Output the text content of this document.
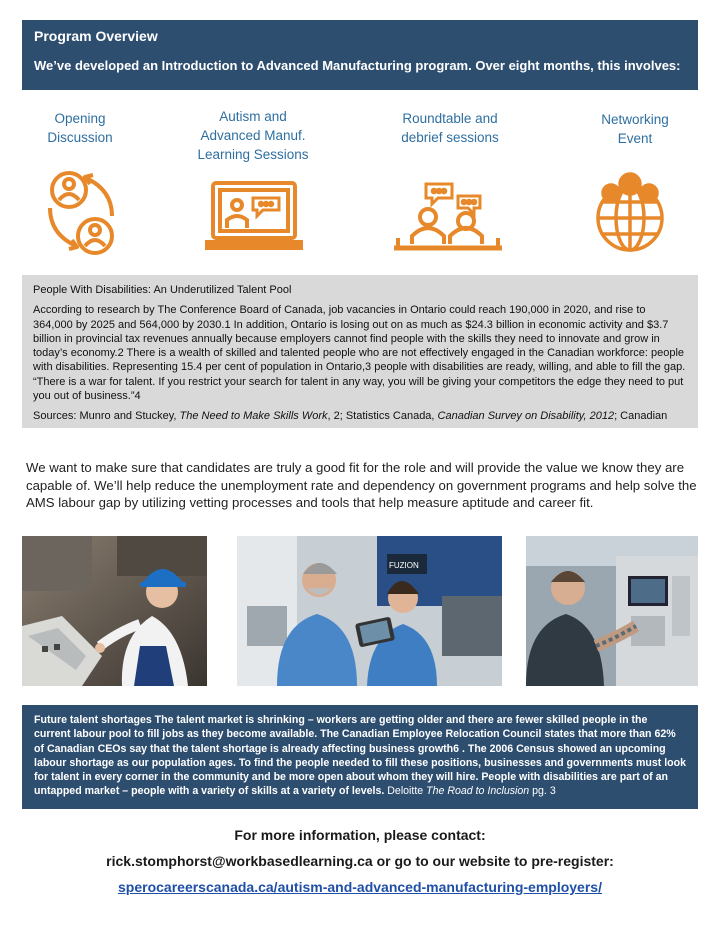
Program Overview
We’ve developed an Introduction to Advanced Manufacturing program. Over eight months, this involves:
Opening
Discussion
Autism and
Advanced Manuf.
Learning Sessions
Roundtable and
debrief sessions
Networking
Event
People With Disabilities: An Underutilized Talent Pool
According to research by The Conference Board of Canada, job vacancies in Ontario could reach 190,000 in 2020, and rise to 364,000 by 2025 and 564,000 by 2030.1 In addition, Ontario is losing out on as much as $24.3 billion in economic activity and $3.7 billion in provincial tax revenues annually because employers cannot find people with the skills they need to innovate and grow in today’s economy.2 There is a wealth of skilled and talented people who are not effectively engaged in the Canadian workforce: people with disabilities. Representing 15.4 per cent of population in Ontario,3 people with disabilities are ready, willing, and able to fill the gap. “There is a war for talent. If you restrict your search for talent in any way, you will be giving your competitors the edge they need to put you out of business.”4
Sources: Munro and Stuckey, The Need to Make Skills Work, 2; Statistics Canada, Canadian Survey on Disability, 2012; Canadian
We want to make sure that candidates are truly a good fit for the role and will provide the value we know they are capable of. We’ll help reduce the unemployment rate and dependency on government programs and help solve the AMS labour gap by utilizing vetting processes and tools that help measure aptitude and career fit.
FUZION
Future talent shortages The talent market is shrinking – workers are getting older and there are fewer skilled people in the current labour pool to fill jobs as they become available. The Canadian Employee Relocation Council states that more than 62% of Canadian CEOs say that the talent shortage is already affecting business growth6 . The 2006 Census showed an upcoming labour shortage as our population ages. To find the people needed to fill these positions, businesses and governments must look for talent in every corner in the community and be more open about whom they will hire. People with disabilities are part of an untapped market – people with a variety of skills at a variety of levels. Deloitte The Road to Inclusion pg. 3
For more information, please contact:
rick.stomphorst@workbasedlearning.ca or go to our website to pre-register:
sperocareerscanada.ca/autism-and-advanced-manufacturing-employers/
